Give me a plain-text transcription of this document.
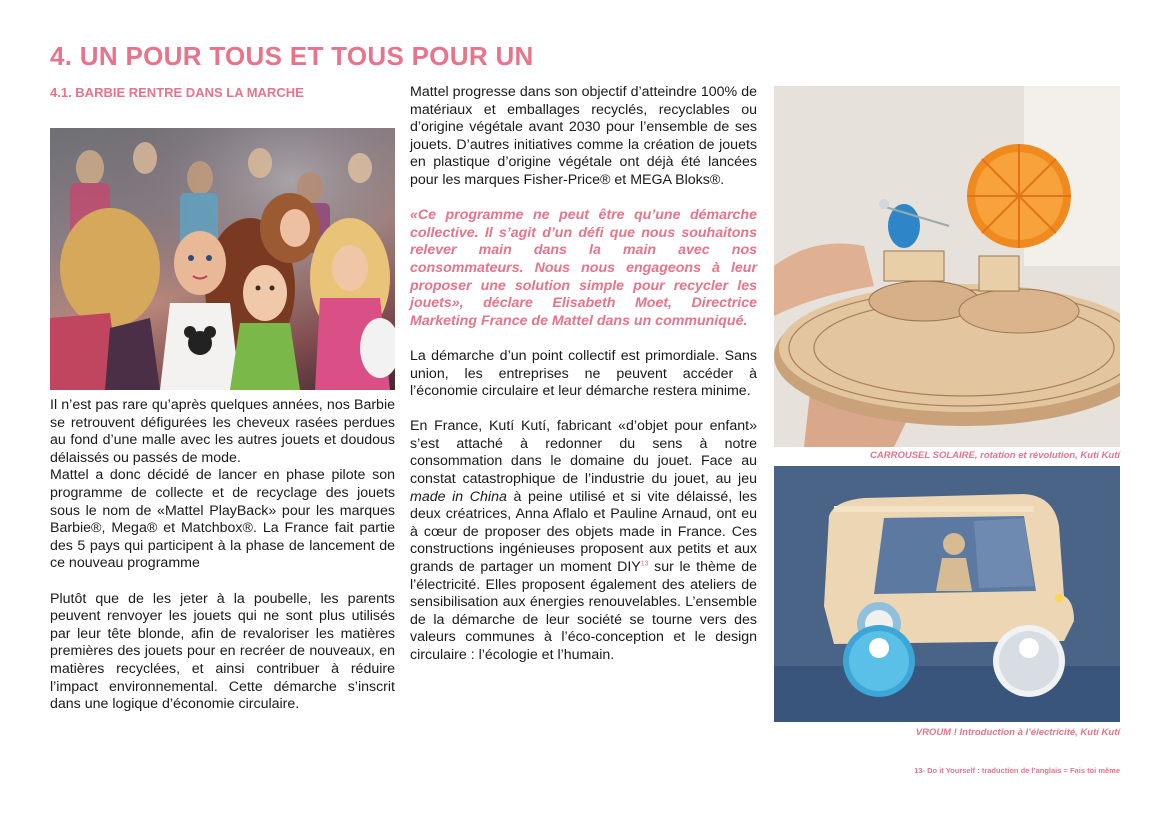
4. UN POUR TOUS ET TOUS POUR UN
4.1. BARBIE RENTRE DANS LA MARCHE

Il n’est pas rare qu’après quelques années, nos Barbie se retrouvent défigurées les cheveux rasées perdues au fond d’une malle avec les autres jouets et doudous délaissés ou passés de mode.

Mattel a donc décidé de lancer en phase pilote son programme de collecte et de recyclage des jouets sous le nom de «Mattel PlayBack» pour les marques Barbie®, Mega® et Matchbox®. La France fait partie des 5 pays qui participent à la phase de lancement de ce nouveau programme

Plutôt que de les jeter à la poubelle, les parents peuvent renvoyer les jouets qui ne sont plus utilisés par leur tête blonde, afin de revaloriser les matières premières des jouets pour en recréer de nouveaux, en matières recyclées, et ainsi contribuer à réduire l’impact environnemental. Cette démarche s’inscrit dans une logique d’économie circulaire.

Mattel progresse dans son objectif d’atteindre 100% de matériaux et emballages recyclés, recyclables ou d’origine végétale avant 2030 pour l’ensemble de ses jouets. D’autres initiatives comme la création de jouets en plastique d’origine végétale ont déjà été lancées pour les marques Fisher-Price® et MEGA Bloks®.

«Ce programme ne peut être qu’une démarche collective. Il s’agit d’un défi que nous souhaitons relever main dans la main avec nos consommateurs. Nous nous engageons à leur proposer une solution simple pour recycler les jouets», déclare Elisabeth Moet, Directrice Marketing France de Mattel dans un communiqué.

La démarche d’un point collectif est primordiale. Sans union, les entreprises ne peuvent accéder à l’économie circulaire et leur démarche restera minime.

En France, Kutí Kutí, fabricant «d’objet pour enfant» s’est attaché à redonner du sens à notre consommation dans le domaine du jouet. Face au constat catastrophique de l’industrie du jouet, au jeu made in China à peine utilisé et si vite délaissé, les deux créatrices, Anna Aflalo et Pauline Arnaud, ont eu à cœur de proposer des objets made in France. Ces constructions ingénieuses proposent aux petits et aux grands de partager un moment DIY$^{13}$ sur le thème de l’électricité. Elles proposent également des ateliers de sensibilisation aux énergies renouvelables. L’ensemble de la démarche de leur société se tourne vers des valeurs communes à l’éco-conception et le design circulaire : l’écologie et l’humain.

CARROUSEL SOLAIRE, rotation et révolution, Kutí Kutí
VROUM ! Introduction à l’électricité, Kutí Kutí
13- Do it Yourself : traduction de l’anglais = Fais toi même
